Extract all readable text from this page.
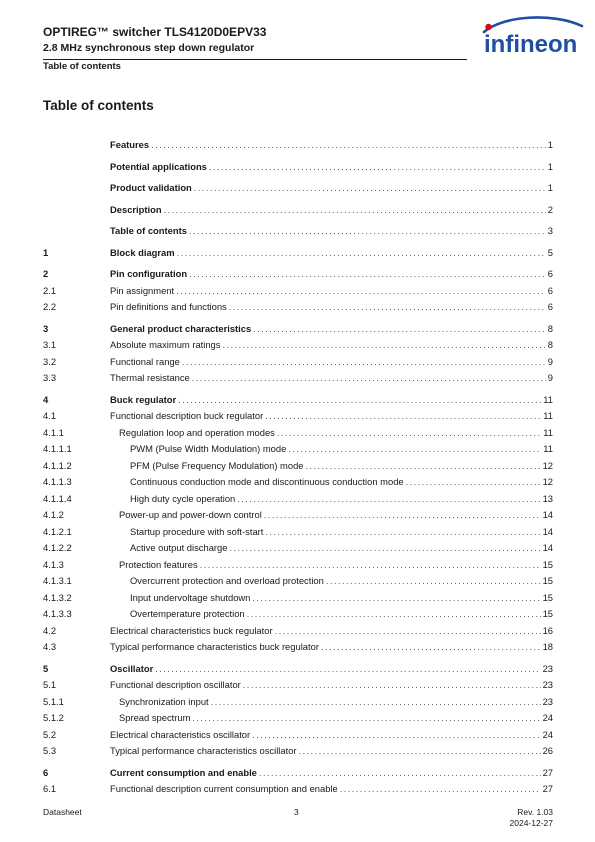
OPTIREG™ switcher TLS4120D0EPV33
2.8 MHz synchronous step down regulator
Table of contents
infineon
Table of contents
Features . . .	1
Potential applications . . .	1
Product validation . . .	1
Description . . .	2
Table of contents . . .	3
1	Block diagram . . .	5
2	Pin configuration . . .	6
2.1	Pin assignment . . .	6
2.2	Pin definitions and functions . . .	6
3	General product characteristics . . .	8
3.1	Absolute maximum ratings . . .	8
3.2	Functional range . . .	9
3.3	Thermal resistance . . .	9
4	Buck regulator . . .	11
4.1	Functional description buck regulator . . .	11
4.1.1	Regulation loop and operation modes . . .	11
4.1.1.1	PWM (Pulse Width Modulation) mode . . .	11
4.1.1.2	PFM (Pulse Frequency Modulation) mode . . .	12
4.1.1.3	Continuous conduction mode and discontinuous conduction mode . . .	12
4.1.1.4	High duty cycle operation . . .	13
4.1.2	Power-up and power-down control . . .	14
4.1.2.1	Startup procedure with soft-start . . .	14
4.1.2.2	Active output discharge . . .	14
4.1.3	Protection features . . .	15
4.1.3.1	Overcurrent protection and overload protection . . .	15
4.1.3.2	Input undervoltage shutdown . . .	15
4.1.3.3	Overtemperature protection . . .	15
4.2	Electrical characteristics buck regulator . . .	16
4.3	Typical performance characteristics buck regulator . . .	18
5	Oscillator . . .	23
5.1	Functional description oscillator . . .	23
5.1.1	Synchronization input . . .	23
5.1.2	Spread spectrum . . .	24
5.2	Electrical characteristics oscillator . . .	24
5.3	Typical performance characteristics oscillator . . .	26
6	Current consumption and enable . . .	27
6.1	Functional description current consumption and enable . . .	27
Datasheet	3	Rev. 1.03
2024-12-27
